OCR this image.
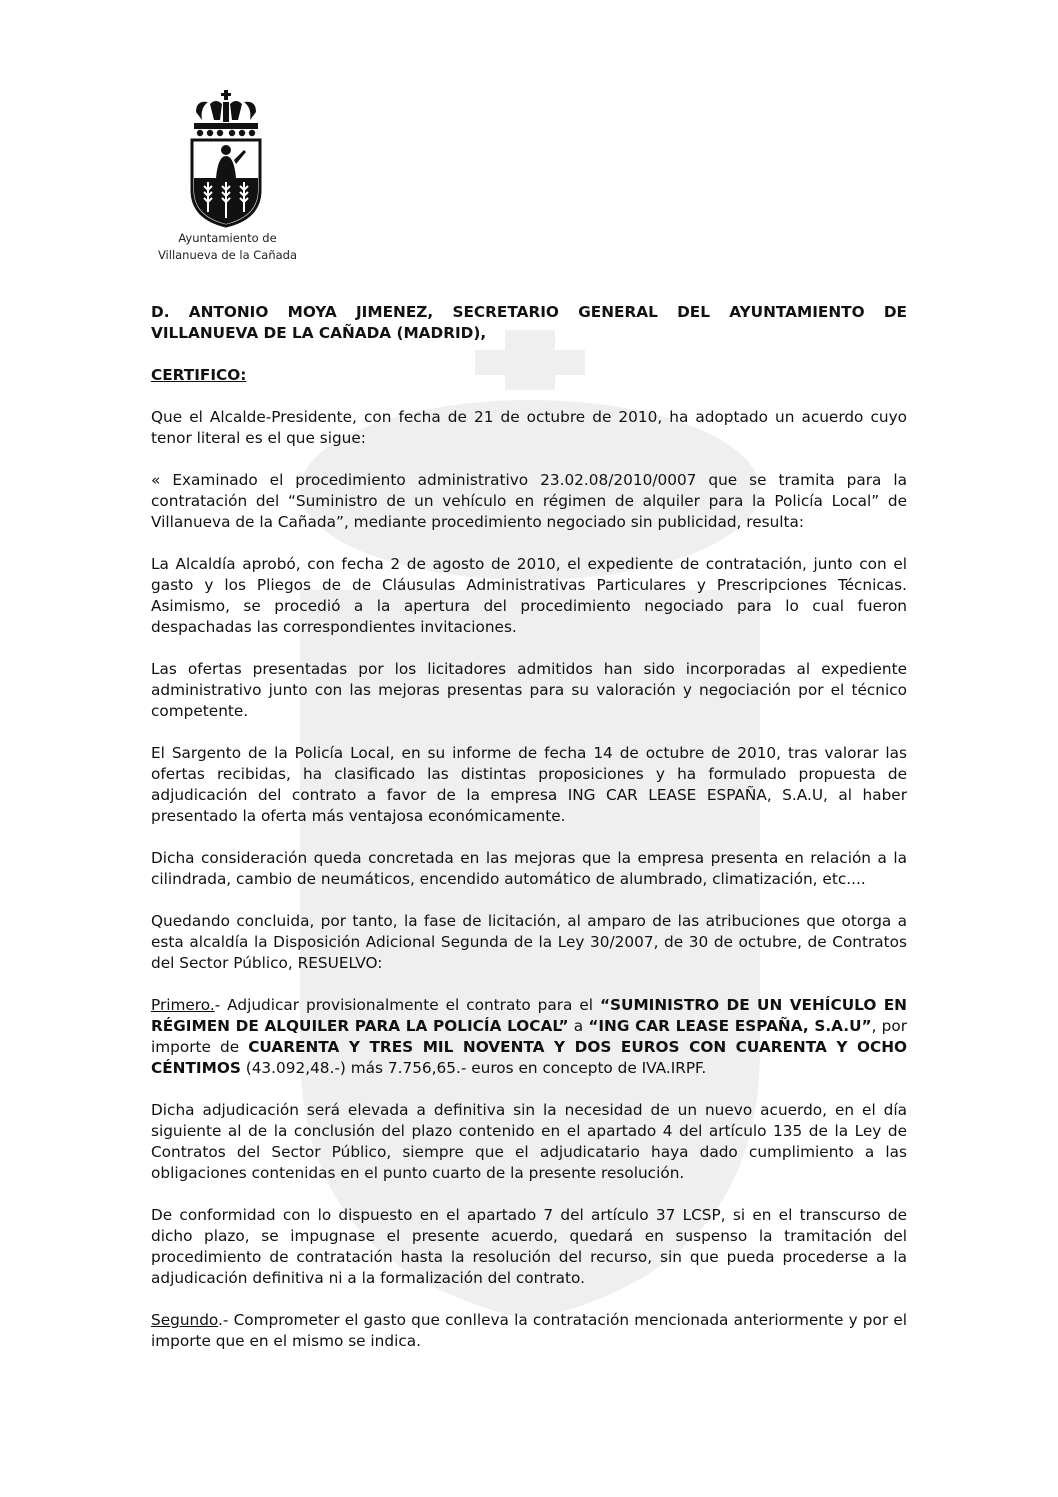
Ayuntamiento de
Villanueva de la Cañada
D. ANTONIO MOYA JIMENEZ, SECRETARIO GENERAL DEL AYUNTAMIENTO DE VILLANUEVA DE LA CAÑADA (MADRID),

CERTIFICO:

Que el Alcalde-Presidente, con fecha de 21 de octubre de 2010, ha adoptado un acuerdo cuyo tenor literal es el que sigue:

« Examinado el procedimiento administrativo 23.02.08/2010/0007 que se tramita para la contratación del “Suministro de un vehículo en régimen de alquiler para la Policía Local” de Villanueva de la Cañada”, mediante procedimiento negociado sin publicidad, resulta:

La Alcaldía aprobó, con fecha 2 de agosto de 2010, el expediente de contratación, junto con el gasto y los Pliegos de de Cláusulas Administrativas Particulares y Prescripciones Técnicas. Asimismo, se procedió a la apertura del procedimiento negociado para lo cual fueron despachadas las correspondientes invitaciones.

Las ofertas presentadas por los licitadores admitidos han sido incorporadas al expediente administrativo junto con las mejoras presentas para su valoración y negociación por el técnico competente.

El Sargento de la Policía Local, en su informe de fecha 14 de octubre de 2010, tras valorar las ofertas recibidas, ha clasificado las distintas proposiciones y ha formulado propuesta de adjudicación del contrato a favor de la empresa ING CAR LEASE ESPAÑA, S.A.U, al haber presentado la oferta más ventajosa económicamente.

Dicha consideración queda concretada en las mejoras que la empresa presenta en relación a la cilindrada, cambio de neumáticos, encendido automático de alumbrado, climatización, etc....

Quedando concluida, por tanto, la fase de licitación, al amparo de las atribuciones que otorga a esta alcaldía la Disposición Adicional Segunda de la Ley 30/2007, de 30 de octubre, de Contratos del Sector Público, RESUELVO:

Primero.- Adjudicar provisionalmente el contrato para el “SUMINISTRO DE UN VEHÍCULO EN RÉGIMEN DE ALQUILER PARA LA POLICÍA LOCAL” a “ING CAR LEASE ESPAÑA, S.A.U”, por importe de CUARENTA Y TRES MIL NOVENTA Y DOS EUROS CON CUARENTA Y OCHO CÉNTIMOS (43.092,48.-) más 7.756,65.- euros en concepto de IVA.IRPF.

Dicha adjudicación será elevada a definitiva sin la necesidad de un nuevo acuerdo, en el día siguiente al de la conclusión del plazo contenido en el apartado 4 del artículo 135 de la Ley de Contratos del Sector Público, siempre que el adjudicatario haya dado cumplimiento a las obligaciones contenidas en el punto cuarto de la presente resolución.

De conformidad con lo dispuesto en el apartado 7 del artículo 37 LCSP, si en el transcurso de dicho plazo, se impugnase el presente acuerdo, quedará en suspenso la tramitación del procedimiento de contratación hasta la resolución del recurso, sin que pueda procederse a la adjudicación definitiva ni a la formalización del contrato.

Segundo.- Comprometer el gasto que conlleva la contratación mencionada anteriormente y por el importe que en el mismo se indica.
